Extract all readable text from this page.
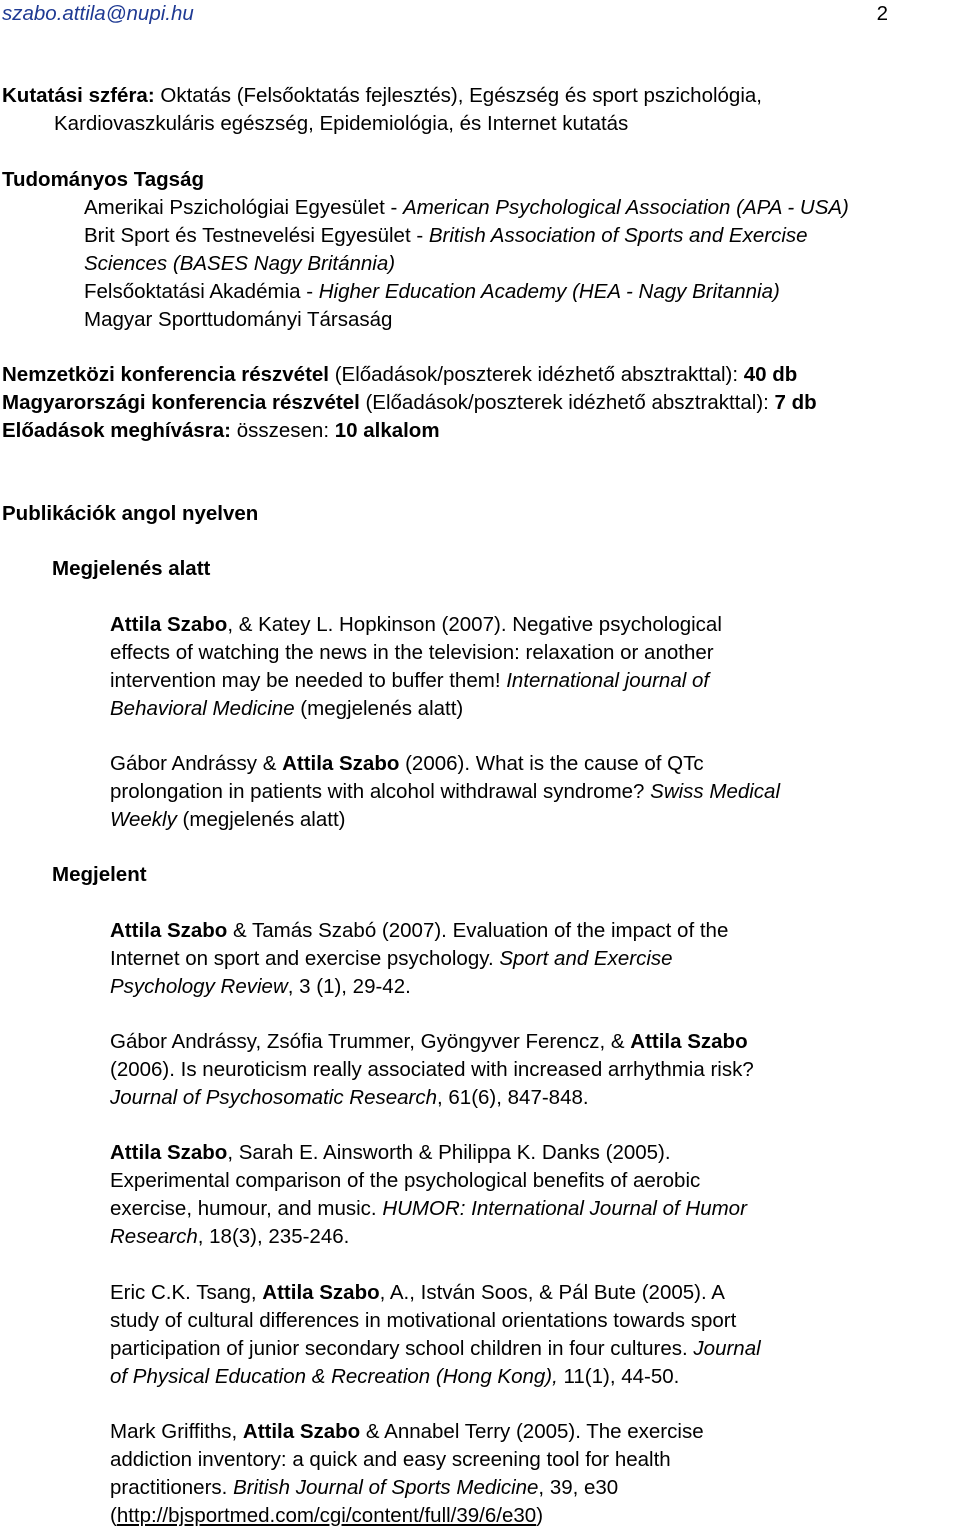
szabo.attila@nupi.hu	2
Kutatási szféra: Oktatás (Felsőoktatás fejlesztés), Egészség és sport pszichológia,
Kardiovaszkuláris egészség, Epidemiológia, és Internet kutatás
Tudományos Tagság
Amerikai Pszichológiai Egyesület - American Psychological Association (APA - USA)
Brit Sport és Testnevelési Egyesület - British Association of Sports and Exercise
Sciences (BASES Nagy Británnia)
Felsőoktatási Akadémia - Higher Education Academy (HEA - Nagy Britannia)
Magyar Sporttudományi Társaság
Nemzetközi konferencia részvétel (Előadások/poszterek idézhető absztrakttal): 40 db
Magyarországi konferencia részvétel (Előadások/poszterek idézhető absztrakttal): 7 db
Előadások meghívásra: összesen: 10 alkalom
Publikációk angol nyelven
Megjelenés alatt

Attila Szabo, & Katey L. Hopkinson (2007). Negative psychological

effects of watching the news in the television: relaxation or another

intervention may be needed to buffer them! International journal of

Behavioral Medicine (megjelenés alatt)

Gábor Andrássy & Attila Szabo (2006). What is the cause of QTc

prolongation in patients with alcohol withdrawal syndrome? Swiss Medical

Weekly (megjelenés alatt)

Megjelent

Attila Szabo & Tamás Szabó (2007). Evaluation of the impact of the

Internet on sport and exercise psychology. Sport and Exercise

Psychology Review, 3 (1), 29-42.

Gábor Andrássy, Zsófia Trummer, Gyöngyver Ferencz, & Attila Szabo

(2006). Is neuroticism really associated with increased arrhythmia risk?

Journal of Psychosomatic Research, 61(6), 847-848.

Attila Szabo, Sarah E. Ainsworth & Philippa K. Danks (2005).

Experimental comparison of the psychological benefits of aerobic

exercise, humour, and music. HUMOR: International Journal of Humor

Research, 18(3), 235-246.

Eric C.K. Tsang, Attila Szabo, A., István Soos, & Pál Bute (2005). A

study of cultural differences in motivational orientations towards sport

participation of junior secondary school children in four cultures. Journal

of Physical Education & Recreation (Hong Kong), 11(1), 44-50.

Mark Griffiths, Attila Szabo & Annabel Terry (2005). The exercise

addiction inventory: a quick and easy screening tool for health

practitioners. British Journal of Sports Medicine, 39, e30

(http://bjsportmed.com/cgi/content/full/39/6/e30)
